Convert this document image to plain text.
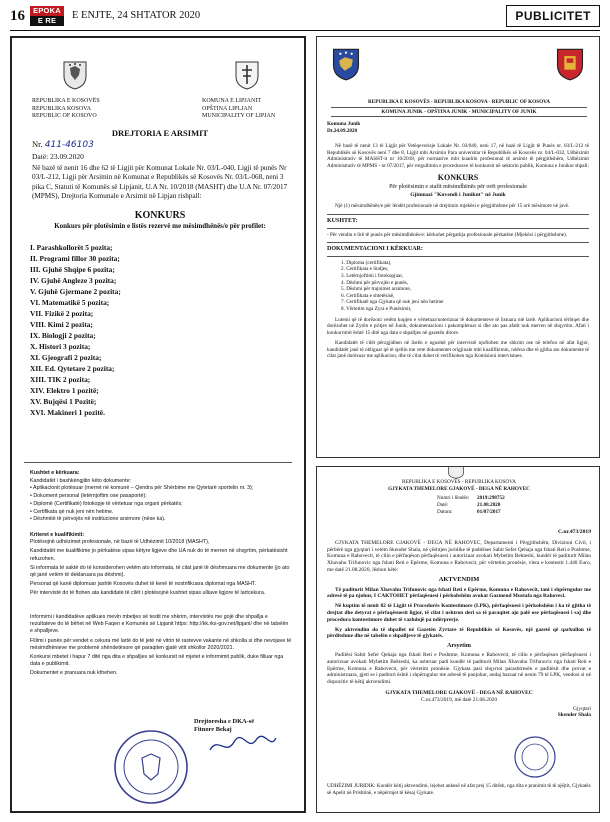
16	EPOKA
E RE	E ENJTE, 24 SHTATOR 2020	PUBLICITET
REPUBLIKA E KOSOVËS
REPUBLIKA KOSOVA
REPUBLIC OF KOSOVO
KOMUNA E LIPJANIT
OPŠTINA LIPLJAN
MUNICIPALITY OF LIPJAN
DREJTORIA E ARSIMIT
Nr. 411-46103
Datë: 23.09.2020
Në bazë të nenit 16 dhe 62 të Ligjit për Komunat Lokale Nr. 03/L-040, Ligji të punës Nr 03/L-212, Ligji për Arsimin në Komunat e Republikës së Kosovës Nr. 03/L-068, neni 3 pika C, Statuti të Komunës së Lipjanit, U.A Nr. 10/2018 (MASHT) dhe U.A Nr. 07/2017 (MPMS), Drejtoria Komunale e Arsimit në Lipjan rishpall:
KONKURS
Konkurs për plotësimin e listës rezervë me mësimdhënës/e për profilet:
I. Parashkollorët 5 pozita;
II. Programi fillor 30 pozita;
III. Gjuhë Shqipe 6 pozita;
IV. Gjuhë Angleze 3 pozita;
V. Gjuhë Gjermane 2 pozita;
VI. Matematikë 5 pozita;
VII. Fizikë 2 pozita;
VIII. Kimi 2 pozita;
IX. Biologji 2 pozita;
X. Histori 3 pozita;
XI. Gjeografi 2 pozita;
XII. Ed. Qytetare 2 pozita;
XIII. TIK 2 pozita;
XIV. Elektro 1 pozitë;
XV. Bujqësi 1 Pozitë;
XVI. Makineri 1 pozitë.

Kushtet e kërkuara:

Kandidatët i bashkëngjitin këto dokumente:

• Aplikacionit plotësuar (merret në komunë – Qendra për Shërbime me Qytetarë sportelin nr. 3);

• Dokument personal (letërnjoftim ose pasaportë);

• Diplomë (Certifikatë) fotokopje të vërtetuar nga organi përkatës;

• Certifikata që nuk jeni nën hetime.

• Dëshmitë të përvojës në institucione arsimore (nëse ka).

Kriteret e kualifikimit:

Plotësojnë udhëzimet profesionale, në bazë të Udhëzimit 10/2018 (MASHT),

Kandidatët me kualifikime jo përkatëse sipas këtyre ligjeve dhe UA nuk do të merren në shqyrtim, përkatësisht refuzohen.

Si informata të saktë do të konsiderohen vetëm ato informata, të cilat janë të dëshmuara me dokumente (jo ato që janë vetëm të deklaruara pa dëshmi).

Personat që kanë diplomuar jashtë Kosovës duhet të kenë të nostrifikuara diplomat nga MASHT.

Për intervistë do të ftohen ata kandidatë të cilët i plotësojnë kushtet sipas ulliave ligjore të lartcekura.

Informimi i kandidatëve aplikues mevln mbetjes së testit me shkrim, intervistës me gojë dhe shpallja e rezultateve do të bëhet në Web Faqen e Komunës së Lipjanit https: http://kk.rks-gov.net/lipjani/ dhe në tabelën e shpalljeve.

Fillimi i punës për vendet e cekura më lartë do të jetë në vitrin të rastevve vakante në shkolla si dhe nevojave të mësimdhënieve me problemë shëndetësore që paraqiten gjatë vitit shkollor 2020/2021.

Konkursi mbetet i hapur 7 ditë nga dita e shpalljes së konkursit në mjetet e informimit publik, duke filluar nga data e publikimit.

Dokumentet e pranuara nuk kthehen.

Drejtoresha e DKA-së
Fitnore Bekaj
REPUBLIKA E KOSOVËS - REPUBLIKA KOSOVA - REPUBLIC OF KOSOVA
KOMUNA JUNIK - OPŠTINA JUNIK - MUNICIPALITY OF JUNIK
Komuna Junik
Dt.24.09.2020

Në bazë të nenit 13 të Ligjit për Vetëqeverisje Lokale Nr. 03/040, neni 17, në bazë të Ligjit të Punës nr. 03/L-212 të Republikës së Kosovës neni 7 dhe 8, Ligjit mbi Arsimin Para universitar të Republikës së Kosovës nr. 04/L-032, Udhëzimit Administrativ të MASHT-it nr 10/2018, për normative mbi kuadrin profesional të arsimit të përgjithshëm, Udhëzimit Administrativ të MPMS - nr 07/2017, për rregullimin e procedurave të konkursit në sektorin publik, Komuna e Junikut shpall:

KONKURS
Për plotësimin e stafit mësimdhënës për orët profesionale
Gjimnazi "Kuvendi i Junikut" në Junik

Një (1) mësimdhënës/e për lëndët profesionale në drejtimin mjekësi e përgjithshme për 15 orë mësimore në javë.

KUSHTET:

- Për vendin e lirë të punës për mësimdhënës/e: kërkohet përgatitja profesionale përkatëse (Mjekësi i përgjithshme).

DOKUMENTACIONI I KËRKUAR:
1. Diploma (certifikata),
2. Certifikata e lindjes,
3. Letërnjoftimi i fotokopjuar,
4. Dëshmi për përvojën e punës,
5. Dëshmi për trajnimet arsimore,
6. Certifikata e shtetësisë,
7. Certifikatë nga Gjykata që nuk jeni nën hetime
8. Vërtetim nga Zyra e Punësimit,

Lutemi që të dorëzoni vetëm kopjen e vërtetuar/noterizuar të dokumenteve të listuara më lartë. Aplikacioni tërhiqet dhe dorëzohet në Zyrën e pritjes në Junik, dokumentacioni i pakompletuar si dhe ato pas afatit nuk merren në shqyrtim. Afati i konkurrimit është 15 ditë nga data e shpalljes në gazetën ditore.

Kandidatët të cilët përzgjidhen në listën e ngushtë për intervistë njoftohen me shkrim ose në telefon në afat ligjor, kandidatët janë të obliguar që të sjellin me vete dokumentet origjinale mbi kualifikimin, ndërsa dhe të gjitha ato dokumente të cilat janë dorëzuar me aplikacion, dhe të cilat duhet të verifikohen nga Komisioni intervistues.

REPUBLIKA E KOSOVËS - REPUBLIKA KOSOVA
GJYKATA THEMELORE GJAKOVË - DEGA NË RAHOVEC
Numri i lëndës: 2019:298752
Datë:	21.08.2020
Datum:	01/07/2017
C.nr.473/2019

GJYKATA THEMELORE GJAKOVË - DEGA NË RAHOVEC, Departamenti i Përgjithshëm, Divizioni Civil, i përbërë nga gjyqtari i vetëm Skender Shala, në çështjen juridike të paditëses Sabit Sefer Qehaja nga fshati Reti e Poshtme, Komuna e Rahovecit, të cilin e përfaqëson përfaqësuesi i autorizuar avokati Mybetim Bekteshi, kundër të paditurit Milan Xhavahu Trifunovic nga fshati Reti e Epërme, Komuna e Rahovecit, për vërtetim pronësie, vlera e kontestit 1.440 Euro, me datë 21.08.2020, lëshon këtë:

AKTVENDIM

Të paditurit Milan Xhavahu Trifunovic nga fshati Reti e Epërme, Komuna e Rahovecit, tani i shpërngulur me adresë të pa njohur, I CAKTOHET përfaqësuesi i përkohshëm avokat Gazmend Mustafa nga Rahoveci.

Në kuptim të nenit 82 të Ligjit të Procedurës Kontestimore (LPK), përfaqësuesi i përkohshëm i ka të gjitha të drejtat dhe detyrat e përfaqësuesit ligjor, të cilat i ushtron deri sa të paraqitet ajo palë ose përfaqësuesi i saj dhe procedura kontestimore duhet të vazhdojë pa ndërprerje.

Ky aktvendim do të shpallet në Gazetën Zyrtare të Republikës së Kosovës, një gazetë që qarkullon të përditshme dhe në tabelën e shpalljeve të gjykatës.

Arsyetim

Paditësi Sabit Sefer Qehaja nga fshati Reti e Poshtme, Komuna e Rahovecit, të cilin e përfaqëson përfaqësuesi i autorizuar avokati Mybetim Bekteshi, ka ushtruar padi kundër të paditurit Milan Xhavahu Trifunovic nga fshati Reti e Epërme, Komuna e Rahovecit, për vërtetim pronësie. Gjykata pasi shqyrtoi parashtresën e paditësit dhe provat e administruara, gjeti se i padituri është i shpërngulur me adresë të panjohur, andaj bazuar në nenin 79 të LPK, vendosi si në dispozitiv të këtij aktvendimi.

GJYKATA THEMELORE GJAKOVË - DEGA NË RAHOVEC
C.nr.473/2019, më datë 21.08.2020
Gjyqtari
Skender Shala
UDHËZIMI JURIDIK: Kundër këtij aktvendimi, lejohet ankesë në afat prej 15 ditësh, nga dita e pranimit të të njëjtit, Gjykatës së Apelit në Prishtinë, e nëpërmjet të kësaj Gjykate.
